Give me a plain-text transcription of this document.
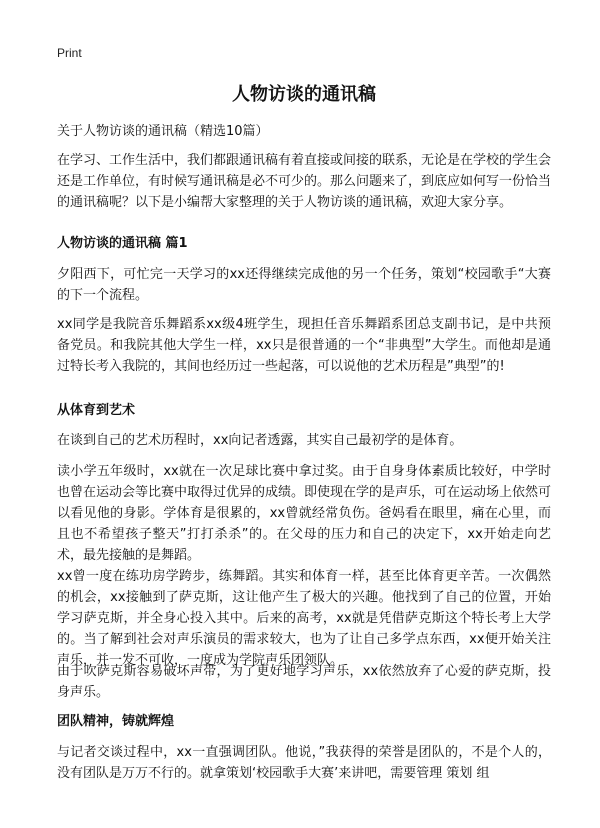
Print
人物访谈的通讯稿

关于人物访谈的通讯稿（精选10篇）

在学习、工作生活中，我们都跟通讯稿有着直接或间接的联系，无论是在学校的学生会还是工作单位，有时候写通讯稿是必不可少的。那么问题来了，到底应如何写一份恰当的通讯稿呢？以下是小编帮大家整理的关于人物访谈的通讯稿，欢迎大家分享。

人物访谈的通讯稿 篇1

夕阳西下，可忙完一天学习的xx还得继续完成他的另一个任务，策划“校园歌手“大赛的下一个流程。

xx同学是我院音乐舞蹈系xx级4班学生，现担任音乐舞蹈系团总支副书记，是中共预备党员。和我院其他大学生一样，xx只是很普通的一个“非典型”大学生。而他却是通过特长考入我院的，其间也经历过一些起落，可以说他的艺术历程是”典型”的!

从体育到艺术

在谈到自己的艺术历程时，xx向记者透露，其实自己最初学的是体育。

读小学五年级时，xx就在一次足球比赛中拿过奖。由于自身身体素质比较好，中学时也曾在运动会等比赛中取得过优异的成绩。即使现在学的是声乐，可在运动场上依然可以看见他的身影。学体育是很累的，xx曾就经常负伤。爸妈看在眼里，痛在心里，而且也不希望孩子整天”打打杀杀”的。在父母的压力和自己的决定下，xx开始走向艺术，最先接触的是舞蹈。

xx曾一度在练功房学跨步，练舞蹈。其实和体育一样，甚至比体育更辛苦。一次偶然的机会，xx接触到了萨克斯，这让他产生了极大的兴趣。他找到了自己的位置，开始学习萨克斯，并全身心投入其中。后来的高考，xx就是凭借萨克斯这个特长考上大学的。当了解到社会对声乐演员的需求较大，也为了让自己多学点东西，xx便开始关注声乐，并一发不可收，一度成为学院声乐团领队。

由于吹萨克斯容易破坏声带，为了更好地学习声乐，xx依然放弃了心爱的萨克斯，投身声乐。

团队精神，铸就辉煌

与记者交谈过程中，xx一直强调团队。他说，”我获得的荣誉是团队的，不是个人的，没有团队是万万不行的。就拿策划‘校园歌手大赛’来讲吧，需要管理 策划 组
